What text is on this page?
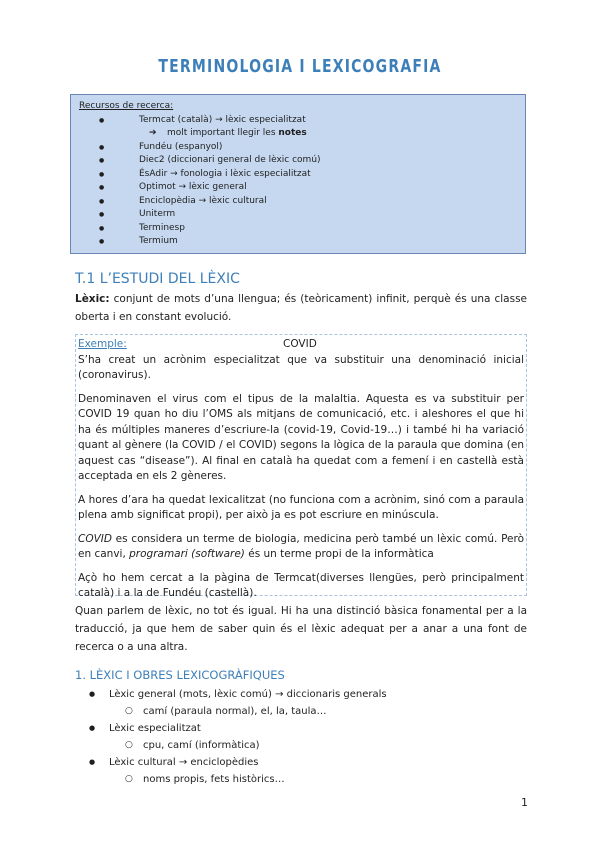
TERMINOLOGIA I LEXICOGRAFIA
Recursos de recerca:
● Termcat (català) → lèxic especialitzat
➔ molt important llegir les notes
● Fundéu (espanyol)
● Diec2 (diccionari general de lèxic comú)
● ÉsAdir → fonologia i lèxic especialitzat
● Optimot → lèxic general
● Enciclopèdia → lèxic cultural
● Uniterm
● Terminesp
● Termium
T.1 L’ESTUDI DEL LÈXIC
Lèxic: conjunt de mots d’una llengua; és (teòricament) infinit, perquè és una classe oberta i en constant evolució.
Exemple:	COVID

S’ha creat un acrònim especialitzat que va substituir una denominació inicial (coronavirus).

Denominaven el virus com el tipus de la malaltia. Aquesta es va substituir per COVID 19 quan ho diu l’OMS als mitjans de comunicació, etc. i aleshores el que hi ha és múltiples maneres d’escriure-la (covid-19, Covid-19…) i també hi ha variació quant al gènere (la COVID / el COVID) segons la lògica de la paraula que domina (en aquest cas “disease”). Al final en català ha quedat com a femení i en castellà està acceptada en els 2 gèneres.

A hores d’ara ha quedat lexicalitzat (no funciona com a acrònim, sinó com a paraula plena amb significat propi), per això ja es pot escriure en minúscula.

COVID es considera un terme de biologia, medicina però també un lèxic comú. Però en canvi, programari (software) és un terme propi de la informàtica

Açò ho hem cercat a la pàgina de Termcat(diverses llengües, però principalment català) i a la de Fundéu (castellà).

Quan parlem de lèxic, no tot és igual. Hi ha una distinció bàsica fonamental per a la traducció, ja que hem de saber quin és el lèxic adequat per a anar a una font de recerca o a una altra.
1. LÈXIC I OBRES LEXICOGRÀFIQUES
● Lèxic general (mots, lèxic comú) → diccionaris generals
○ camí (paraula normal), el, la, taula…
● Lèxic especialitzat
○ cpu, camí (informàtica)
● Lèxic cultural → enciclopèdies
○ noms propis, fets històrics…
1
